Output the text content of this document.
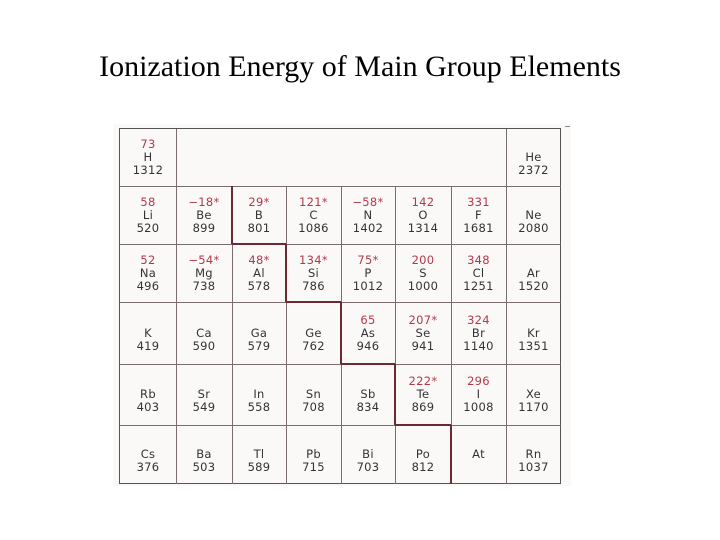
Ionization Energy of Main Group Elements
73
H
1312

He
2372
58
Li
520
−18*
Be
899
29*
B
801
121*
C
1086
−58*
N
1402
142
O
1314
331
F
1681

Ne
2080
52
Na
496
−54*
Mg
738
48*
Al
578
134*
Si
786
75*
P
1012
200
S
1000
348
Cl
1251

Ar
1520

K
419

Ca
590

Ga
579

Ge
762
65
As
946
207*
Se
941
324
Br
1140

Kr
1351

Rb
403

Sr
549

In
558

Sn
708

Sb
834
222*
Te
869
296
I
1008

Xe
1170

Cs
376

Ba
503

Tl
589

Pb
715

Bi
703

Po
812

At

	Rn
1037
